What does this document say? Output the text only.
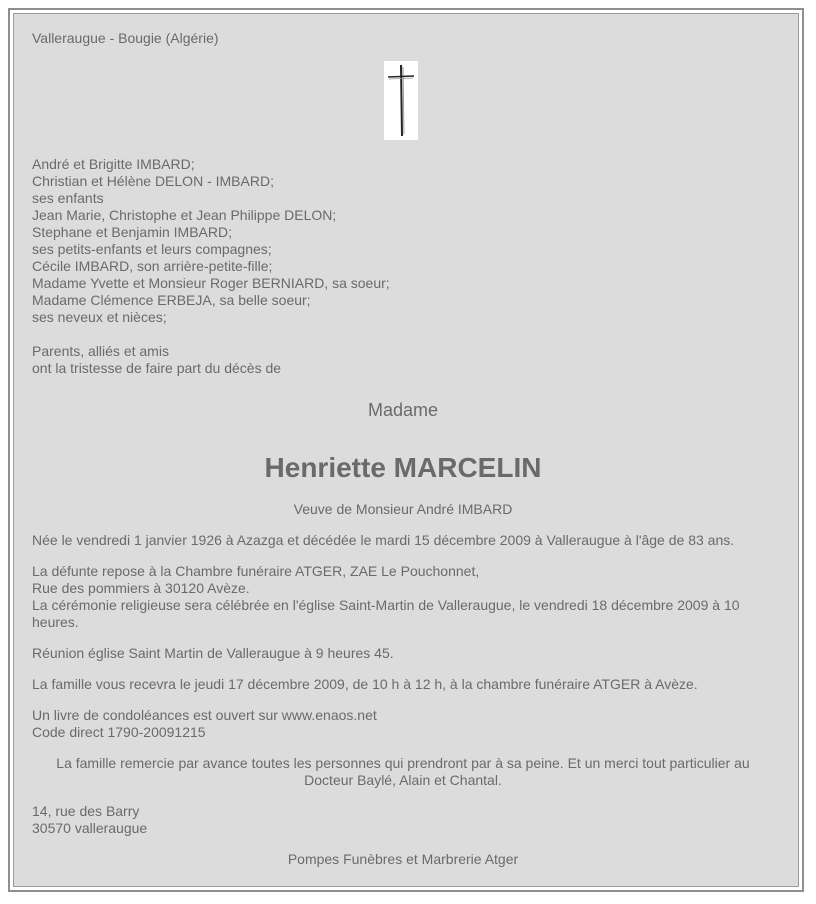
Valleraugue - Bougie (Algérie)
André et Brigitte IMBARD;
Christian et Hélène DELON - IMBARD;
ses enfants
Jean Marie, Christophe et Jean Philippe DELON;
Stephane et Benjamin IMBARD;
ses petits-enfants et leurs compagnes;
Cécile IMBARD, son arrière-petite-fille;
Madame Yvette et Monsieur Roger BERNIARD, sa soeur;
Madame Clémence ERBEJA, sa belle soeur;
ses neveux et nièces;
Parents, alliés et amis
ont la tristesse de faire part du décès de
Madame
Henriette MARCELIN
Veuve de Monsieur André IMBARD
Née le vendredi 1 janvier 1926 à Azazga et décédée le mardi 15 décembre 2009 à Valleraugue à l'âge de 83 ans.
La défunte repose à la Chambre funéraire ATGER, ZAE Le Pouchonnet,
Rue des pommiers à 30120 Avèze.
La cérémonie religieuse sera célébrée en l'église Saint-Martin de Valleraugue, le vendredi 18 décembre 2009 à 10 heures.
Réunion église Saint Martin de Valleraugue à 9 heures 45.
La famille vous recevra le jeudi 17 décembre 2009, de 10 h à 12 h, à la chambre funéraire ATGER à Avèze.
Un livre de condoléances est ouvert sur www.enaos.net
Code direct 1790-20091215
La famille remercie par avance toutes les personnes qui prendront par à sa peine. Et un merci tout particulier au Docteur Baylé, Alain et Chantal.
14, rue des Barry
30570 valleraugue
Pompes Funèbres et Marbrerie Atger
